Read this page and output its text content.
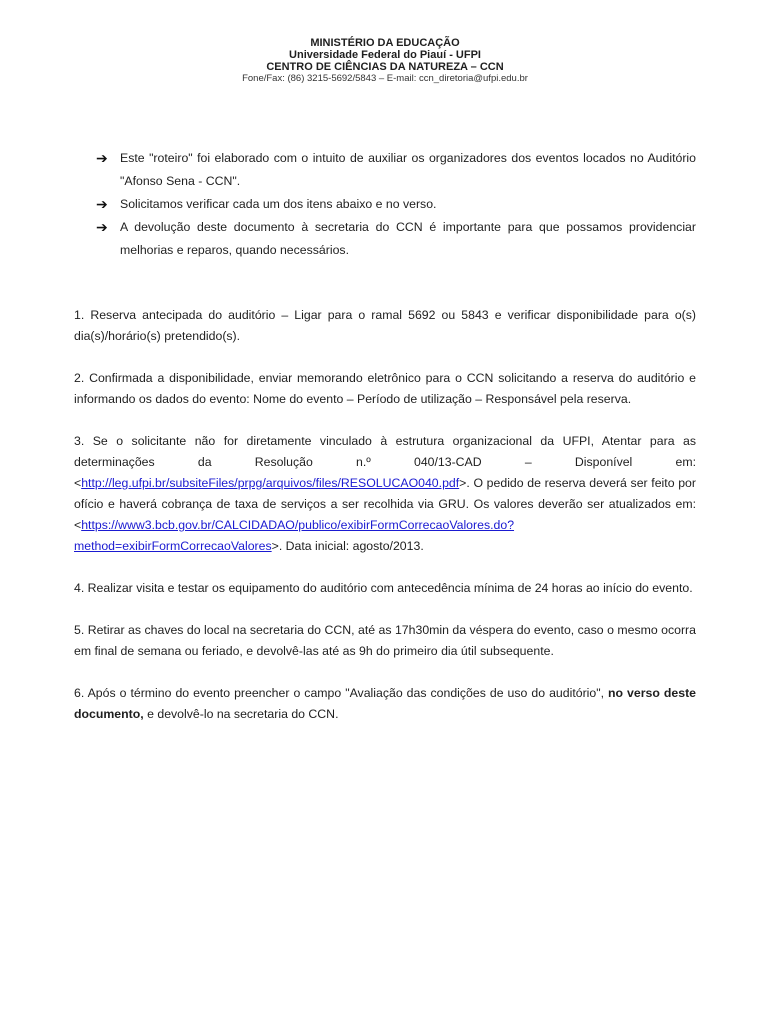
MINISTÉRIO DA EDUCAÇÃO
Universidade Federal do Piauí - UFPI
CENTRO DE CIÊNCIAS DA NATUREZA – CCN
Fone/Fax: (86) 3215-5692/5843 – E-mail: ccn_diretoria@ufpi.edu.br
➔ Este "roteiro" foi elaborado com o intuito de auxiliar os organizadores dos eventos locados no Auditório "Afonso Sena - CCN".
➔ Solicitamos verificar cada um dos itens abaixo e no verso.
➔ A devolução deste documento à secretaria do CCN é importante para que possamos providenciar melhorias e reparos, quando necessários.
1. Reserva antecipada do auditório – Ligar para o ramal 5692 ou 5843 e verificar disponibilidade para o(s) dia(s)/horário(s) pretendido(s).
2. Confirmada a disponibilidade, enviar memorando eletrônico para o CCN solicitando a reserva do auditório e informando os dados do evento: Nome do evento – Período de utilização – Responsável pela reserva.
3. Se o solicitante não for diretamente vinculado à estrutura organizacional da UFPI, Atentar para as determinações da Resolução n.º 040/13-CAD – Disponível em: <http://leg.ufpi.br/subsiteFiles/prpg/arquivos/files/RESOLUCAO040.pdf>. O pedido de reserva deverá ser feito por ofício e haverá cobrança de taxa de serviços a ser recolhida via GRU. Os valores deverão ser atualizados em: <https://www3.bcb.gov.br/CALCIDADAO/publico/exibirFormCorrecaoValores.do?method=exibirFormCorrecaoValores>. Data inicial: agosto/2013.
4. Realizar visita e testar os equipamento do auditório com antecedência mínima de 24 horas ao início do evento.
5. Retirar as chaves do local na secretaria do CCN, até as 17h30min da véspera do evento, caso o mesmo ocorra em final de semana ou feriado, e devolvê-las até as 9h do primeiro dia útil subsequente.
6. Após o término do evento preencher o campo "Avaliação das condições de uso do auditório", no verso deste documento, e devolvê-lo na secretaria do CCN.
